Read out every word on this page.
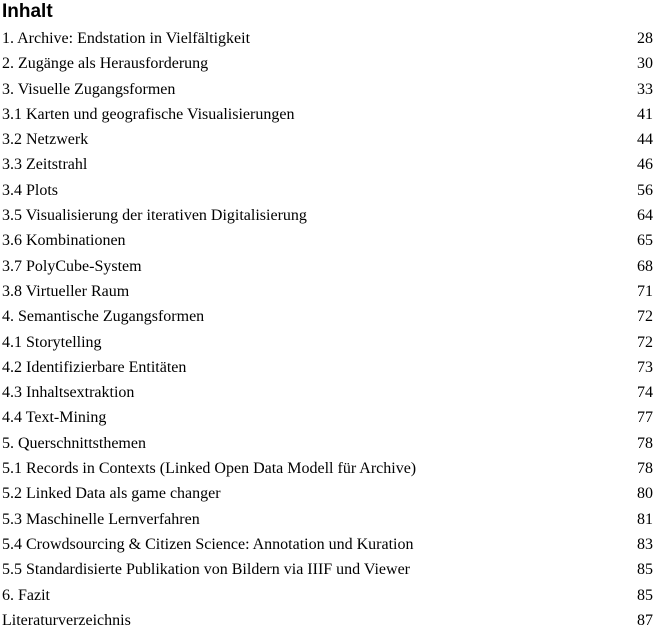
Inhalt
1. Archive: Endstation in Vielfältigkeit	28
2. Zugänge als Herausforderung	30
3. Visuelle Zugangsformen	33
3.1 Karten und geografische Visualisierungen	41
3.2 Netzwerk	44
3.3 Zeitstrahl	46
3.4 Plots	56
3.5 Visualisierung der iterativen Digitalisierung	64
3.6 Kombinationen	65
3.7 PolyCube-System	68
3.8 Virtueller Raum	71
4. Semantische Zugangsformen	72
4.1 Storytelling	72
4.2 Identifizierbare Entitäten	73
4.3 Inhaltsextraktion	74
4.4 Text-Mining	77
5. Querschnittsthemen	78
5.1 Records in Contexts (Linked Open Data Modell für Archive)	78
5.2 Linked Data als game changer	80
5.3 Maschinelle Lernverfahren	81
5.4 Crowdsourcing & Citizen Science: Annotation und Kuration	83
5.5 Standardisierte Publikation von Bildern via IIIF und Viewer	85
6. Fazit	85
Literaturverzeichnis	87
